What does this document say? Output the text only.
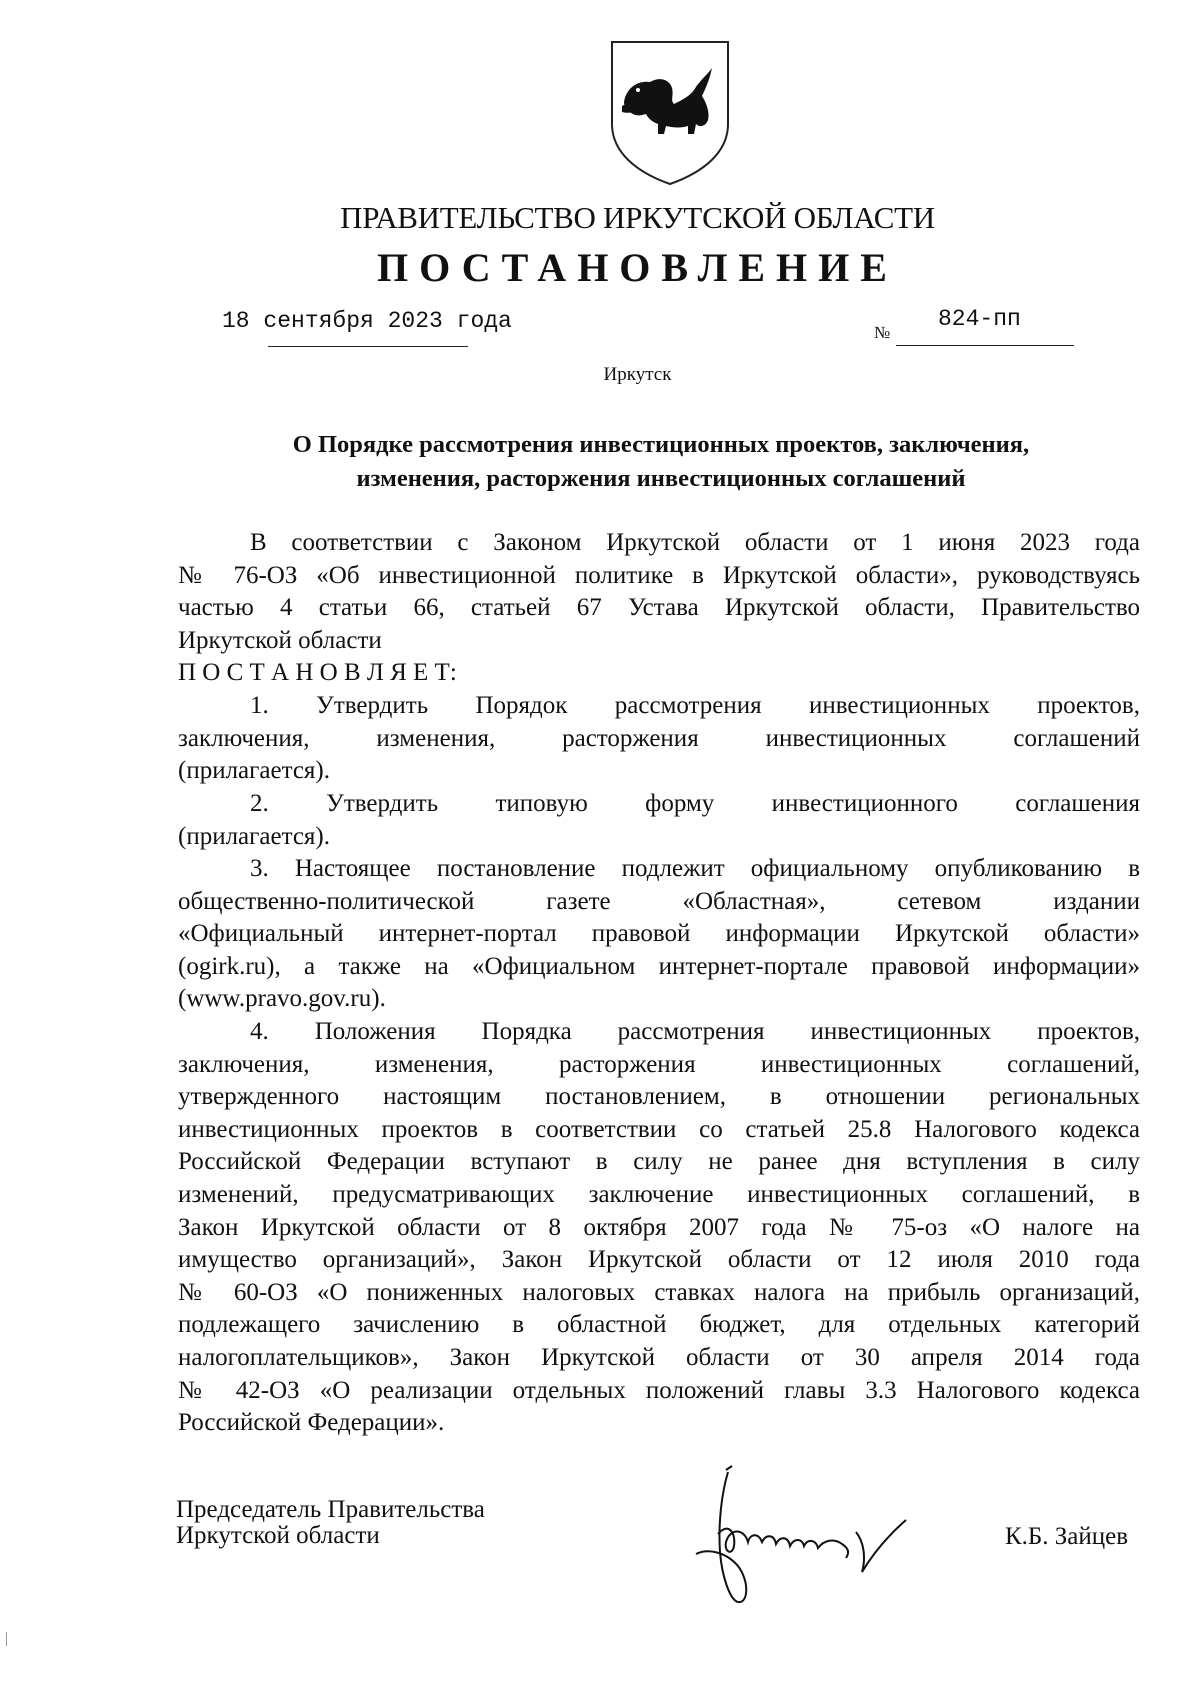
ПРАВИТЕЛЬСТВО ИРКУТСКОЙ ОБЛАСТИ
ПОСТАНОВЛЕНИЕ
18 сентября 2023 года	№
824-пп
Иркутск
О Порядке рассмотрения инвестиционных проектов, заключения,
изменения, расторжения инвестиционных соглашений
В соответствии с Законом Иркутской области от 1 июня 2023 года
№ 76-ОЗ «Об инвестиционной политике в Иркутской области», руководствуясь
частью 4 статьи 66, статьей 67 Устава Иркутской области, Правительство
Иркутской области
П О С Т А Н О В Л Я Е Т:
1. Утвердить Порядок рассмотрения инвестиционных проектов,
заключения, изменения, расторжения инвестиционных соглашений
(прилагается).
2. Утвердить типовую форму инвестиционного соглашения
(прилагается).
3. Настоящее постановление подлежит официальному опубликованию в
общественно-политической газете «Областная», сетевом издании
«Официальный интернет-портал правовой информации Иркутской области»
(ogirk.ru), а также на «Официальном интернет-портале правовой информации»
(www.pravo.gov.ru).
4. Положения Порядка рассмотрения инвестиционных проектов,
заключения, изменения, расторжения инвестиционных соглашений,
утвержденного настоящим постановлением, в отношении региональных
инвестиционных проектов в соответствии со статьей 25.8 Налогового кодекса
Российской Федерации вступают в силу не ранее дня вступления в силу
изменений, предусматривающих заключение инвестиционных соглашений, в
Закон Иркутской области от 8 октября 2007 года № 75-оз «О налоге на
имущество организаций», Закон Иркутской области от 12 июля 2010 года
№ 60-ОЗ «О пониженных налоговых ставках налога на прибыль организаций,
подлежащего зачислению в областной бюджет, для отдельных категорий
налогоплательщиков», Закон Иркутской области от 30 апреля 2014 года
№ 42-ОЗ «О реализации отдельных положений главы 3.3 Налогового кодекса
Российской Федерации».
Председатель Правительства
Иркутской области	К.Б. Зайцев
